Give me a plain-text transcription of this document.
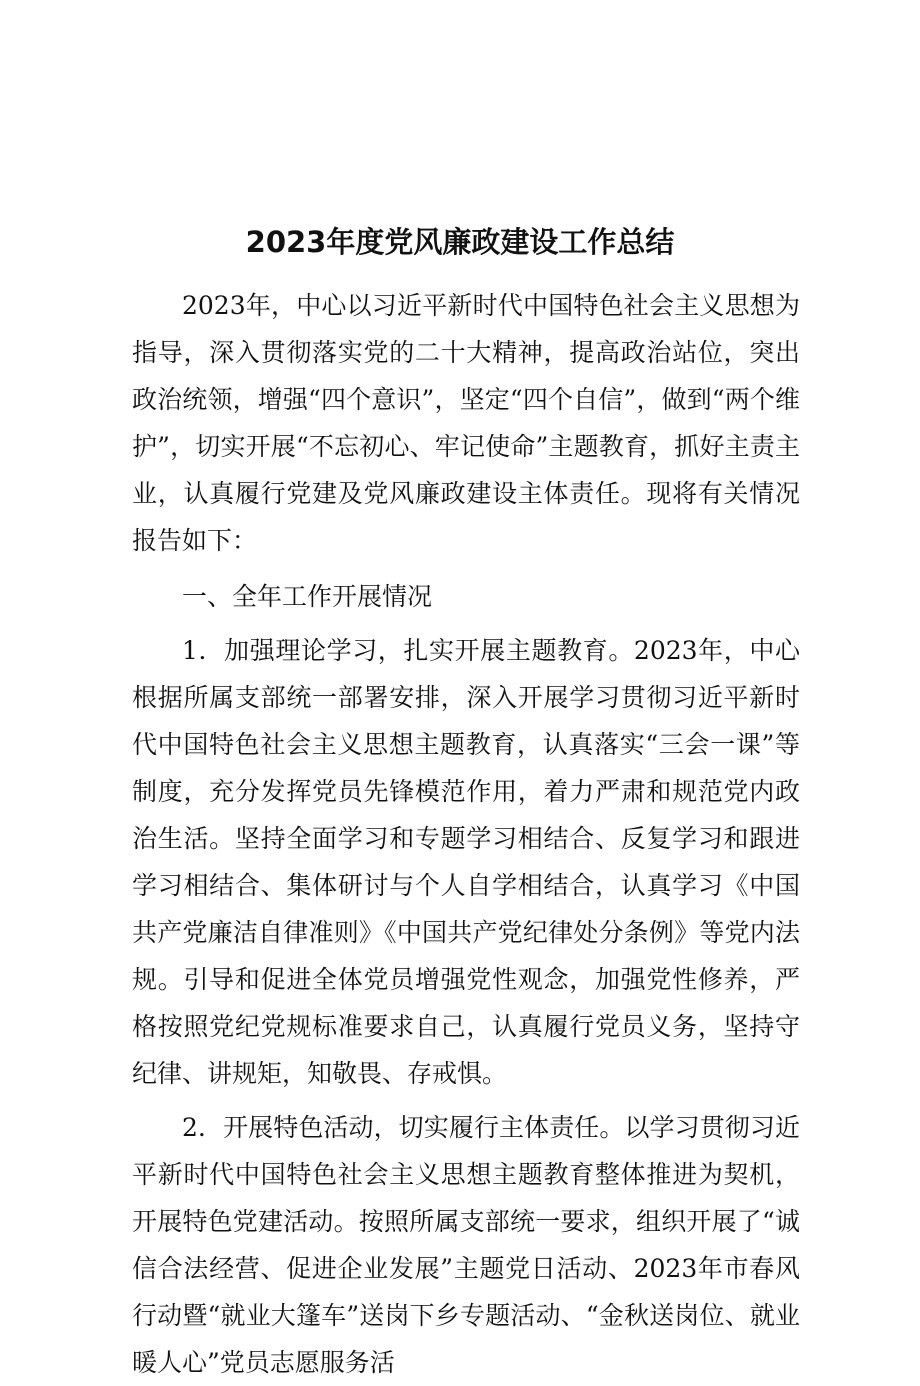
2023年度党风廉政建设工作总结

2023年，中心以习近平新时代中国特色社会主义思想为指导，深入贯彻落实党的二十大精神，提高政治站位，突出政治统领，增强“四个意识”，坚定“四个自信”，做到“两个维护”，切实开展“不忘初心、牢记使命”主题教育，抓好主责主业，认真履行党建及党风廉政建设主体责任。现将有关情况报告如下：

一、全年工作开展情况

1．加强理论学习，扎实开展主题教育。2023年，中心根据所属支部统一部署安排，深入开展学习贯彻习近平新时代中国特色社会主义思想主题教育，认真落实“三会一课”等制度，充分发挥党员先锋模范作用，着力严肃和规范党内政治生活。坚持全面学习和专题学习相结合、反复学习和跟进学习相结合、集体研讨与个人自学相结合，认真学习《中国共产党廉洁自律准则》《中国共产党纪律处分条例》等党内法规。引导和促进全体党员增强党性观念，加强党性修养，严格按照党纪党规标准要求自己，认真履行党员义务，坚持守纪律、讲规矩，知敬畏、存戒惧。

2．开展特色活动，切实履行主体责任。以学习贯彻习近平新时代中国特色社会主义思想主题教育整体推进为契机，开展特色党建活动。按照所属支部统一要求，组织开展了“诚信合法经营、促进企业发展”主题党日活动、2023年市春风行动暨“就业大篷车”送岗下乡专题活动、“金秋送岗位、就业暖人心”党员志愿服务活
